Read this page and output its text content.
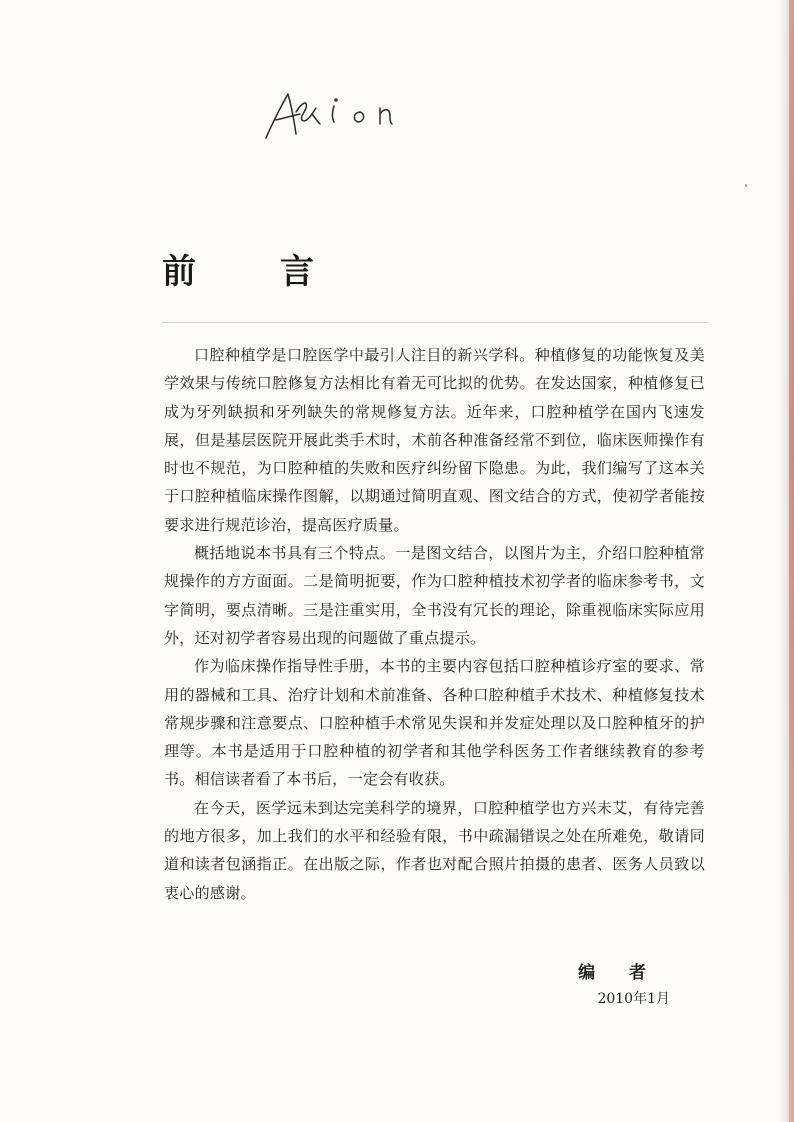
前 言

口腔种植学是口腔医学中最引人注目的新兴学科。种植修复的功能恢复及美学效果与传统口腔修复方法相比有着无可比拟的优势。在发达国家，种植修复已成为牙列缺损和牙列缺失的常规修复方法。近年来，口腔种植学在国内飞速发展，但是基层医院开展此类手术时，术前各种准备经常不到位，临床医师操作有时也不规范，为口腔种植的失败和医疗纠纷留下隐患。为此，我们编写了这本关于口腔种植临床操作图解，以期通过简明直观、图文结合的方式，使初学者能按要求进行规范诊治，提高医疗质量。

概括地说本书具有三个特点。一是图文结合，以图片为主，介绍口腔种植常规操作的方方面面。二是简明扼要，作为口腔种植技术初学者的临床参考书，文字简明，要点清晰。三是注重实用，全书没有冗长的理论，除重视临床实际应用外，还对初学者容易出现的问题做了重点提示。

作为临床操作指导性手册，本书的主要内容包括口腔种植诊疗室的要求、常用的器械和工具、治疗计划和术前准备、各种口腔种植手术技术、种植修复技术常规步骤和注意要点、口腔种植手术常见失误和并发症处理以及口腔种植牙的护理等。本书是适用于口腔种植的初学者和其他学科医务工作者继续教育的参考书。相信读者看了本书后，一定会有收获。

在今天，医学远未到达完美科学的境界，口腔种植学也方兴未艾，有待完善的地方很多，加上我们的水平和经验有限，书中疏漏错误之处在所难免，敬请同道和读者包涵指正。在出版之际，作者也对配合照片拍摄的患者、医务人员致以衷心的感谢。

编 者

2010年1月
